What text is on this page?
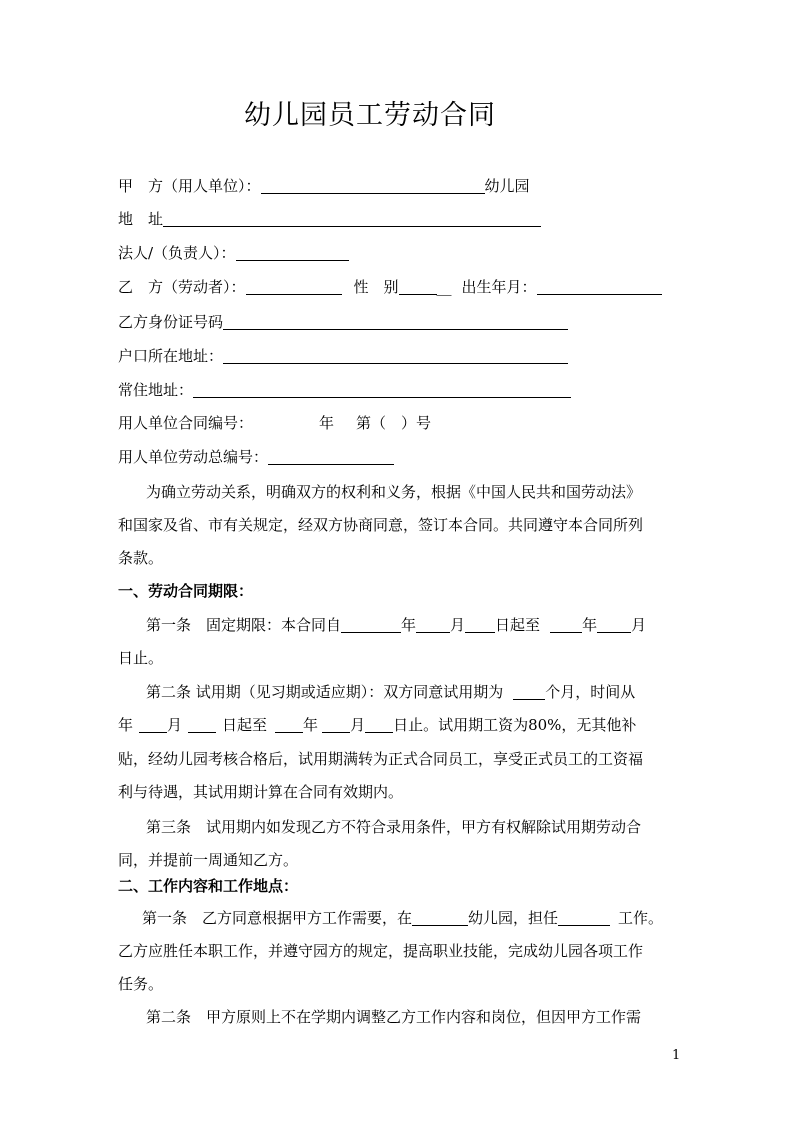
幼儿园员工劳动合同
甲　方（用人单位）：	幼儿园
地　址
法人/（负责人）：
乙　方（劳动者）：	性　别	__ 出生年月：
乙方身份证号码
户口所在地址：
常住地址：
用人单位合同编号：	年 第（　）号
用人单位劳动总编号：
为确立劳动关系，明确双方的权利和义务，根据《中国人民共和国劳动法》
和国家及省、市有关规定，经双方协商同意，签订本合同。共同遵守本合同所列
条款。
一、劳动合同期限：
第一条　固定期限：本合同自	年 月 日起至	年 月
日止。
第二条 试用期（见习期或适应期）：双方同意试用期为	个月，时间从
年 月	日起至 年 月 日止。试用期工资为80%，无其他补
贴，经幼儿园考核合格后，试用期满转为正式合同员工，享受正式员工的工资福
利与待遇，其试用期计算在合同有效期内。
第三条　试用期内如发现乙方不符合录用条件，甲方有权解除试用期劳动合
同，并提前一周通知乙方。
二、工作内容和工作地点：
第一条　乙方同意根据甲方工作需要，在	幼儿园，担任	工作。
乙方应胜任本职工作，并遵守园方的规定，提高职业技能，完成幼儿园各项工作
任务。
第二条　甲方原则上不在学期内调整乙方工作内容和岗位，但因甲方工作需
1
